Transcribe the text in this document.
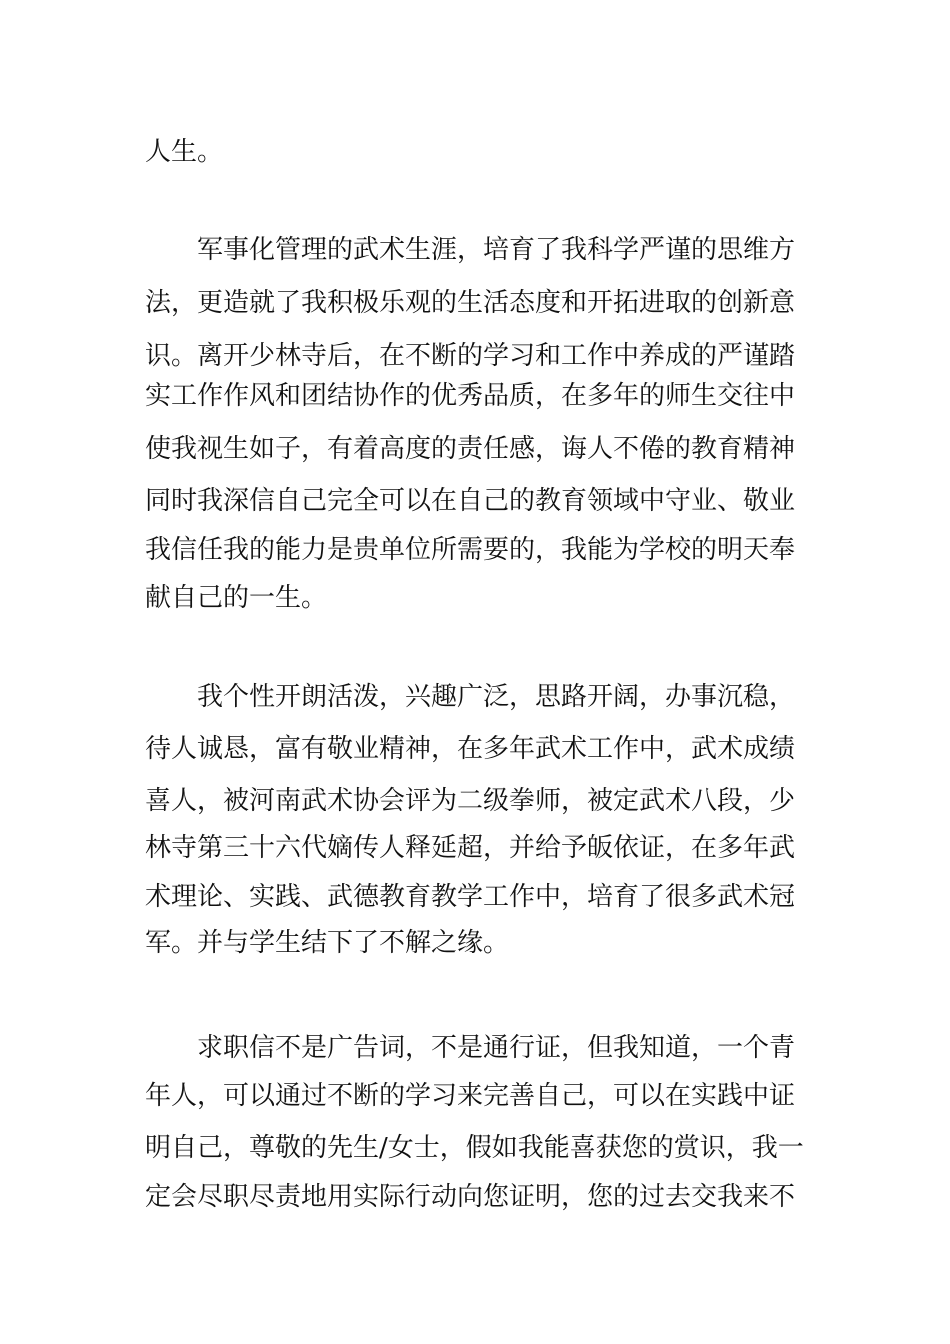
人生。
军事化管理的武术生涯，培育了我科学严谨的思维方
法，更造就了我积极乐观的生活态度和开拓进取的创新意
识。离开少林寺后，在不断的学习和工作中养成的严谨踏
实工作作风和团结协作的优秀品质，在多年的师生交往中
使我视生如子，有着高度的责任感，诲人不倦的教育精神
同时我深信自己完全可以在自己的教育领域中守业、敬业
我信任我的能力是贵单位所需要的，我能为学校的明天奉
献自己的一生。
我个性开朗活泼，兴趣广泛，思路开阔，办事沉稳，
待人诚恳，富有敬业精神，在多年武术工作中，武术成绩
喜人，被河南武术协会评为二级拳师，被定武术八段，少
林寺第三十六代嫡传人释延超，并给予皈依证，在多年武
术理论、实践、武德教育教学工作中，培育了很多武术冠
军。并与学生结下了不解之缘。
求职信不是广告词，不是通行证，但我知道，一个青
年人，可以通过不断的学习来完善自己，可以在实践中证
明自己，尊敬的先生/女士，假如我能喜获您的赏识，我一
定会尽职尽责地用实际行动向您证明，您的过去交我来不
